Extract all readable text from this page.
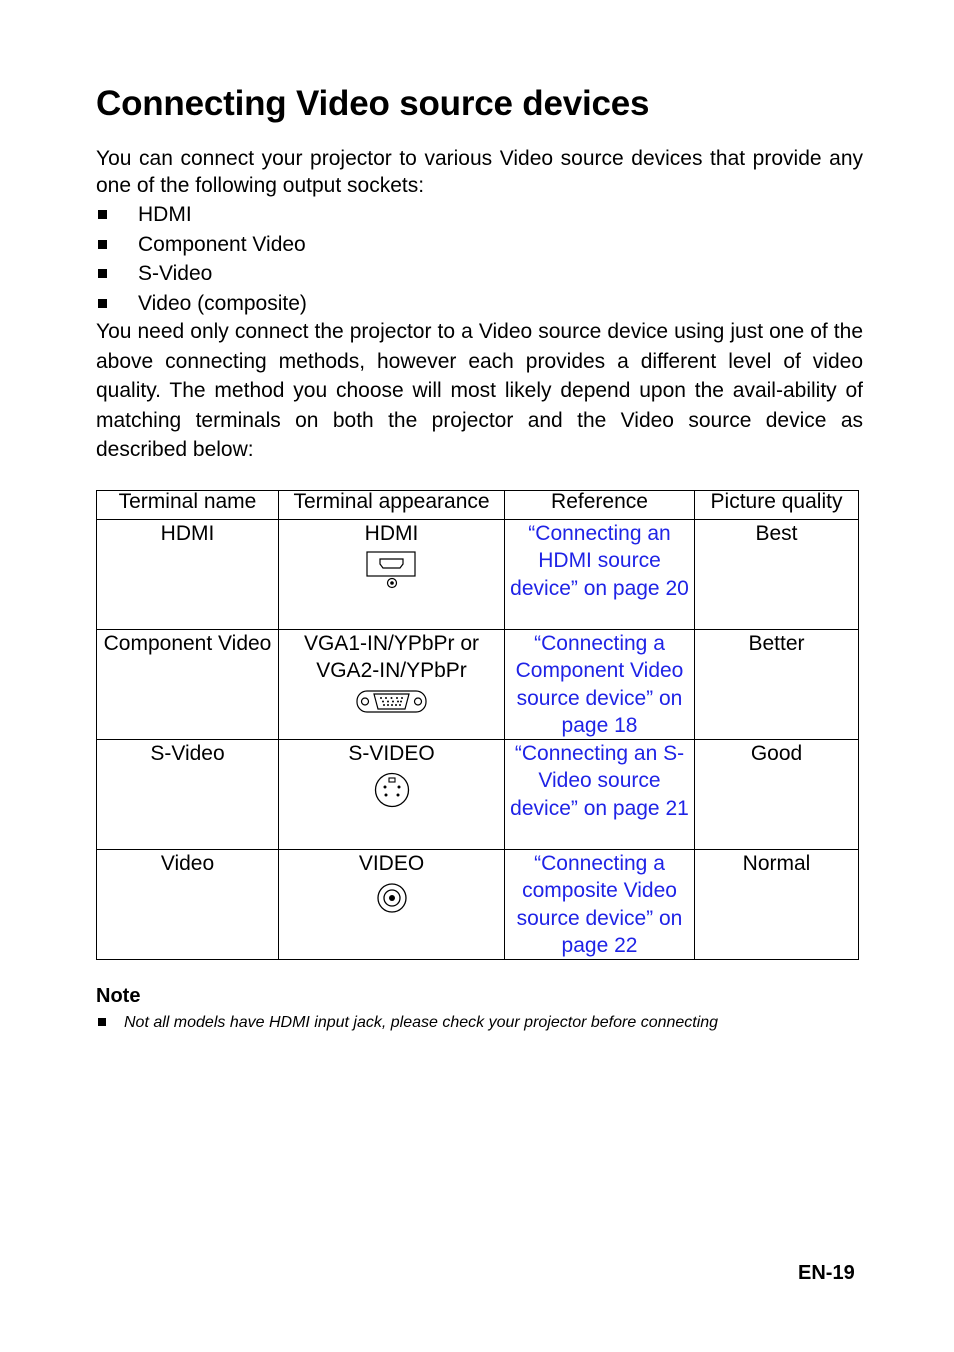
Connecting Video source devices

You can connect your projector to various Video source devices that provide any one of the following output sockets:

HDMI
Component Video
S-Video
Video (composite)

You need only connect the projector to a Video source device using just one of the above connecting methods, however each provides a different level of video quality. The method you choose will most likely depend upon the avail-ability of matching terminals on both the projector and the Video source device as described below:

Terminal name	Terminal appearance	Reference	Picture quality
HDMI	HDMI	“Connecting an HDMI source device” on page 20	Best
Component Video	VGA1-IN/YPbPr or VGA2-IN/YPbPr	“Connecting a Component Video source device” on page 18	Better
S-Video	S-VIDEO	“Connecting an S-Video source device” on page 21	Good
Video	VIDEO	“Connecting a composite Video source device” on page 22	Normal

Note

Not all models have HDMI input jack, please check your projector before connecting

EN-19
